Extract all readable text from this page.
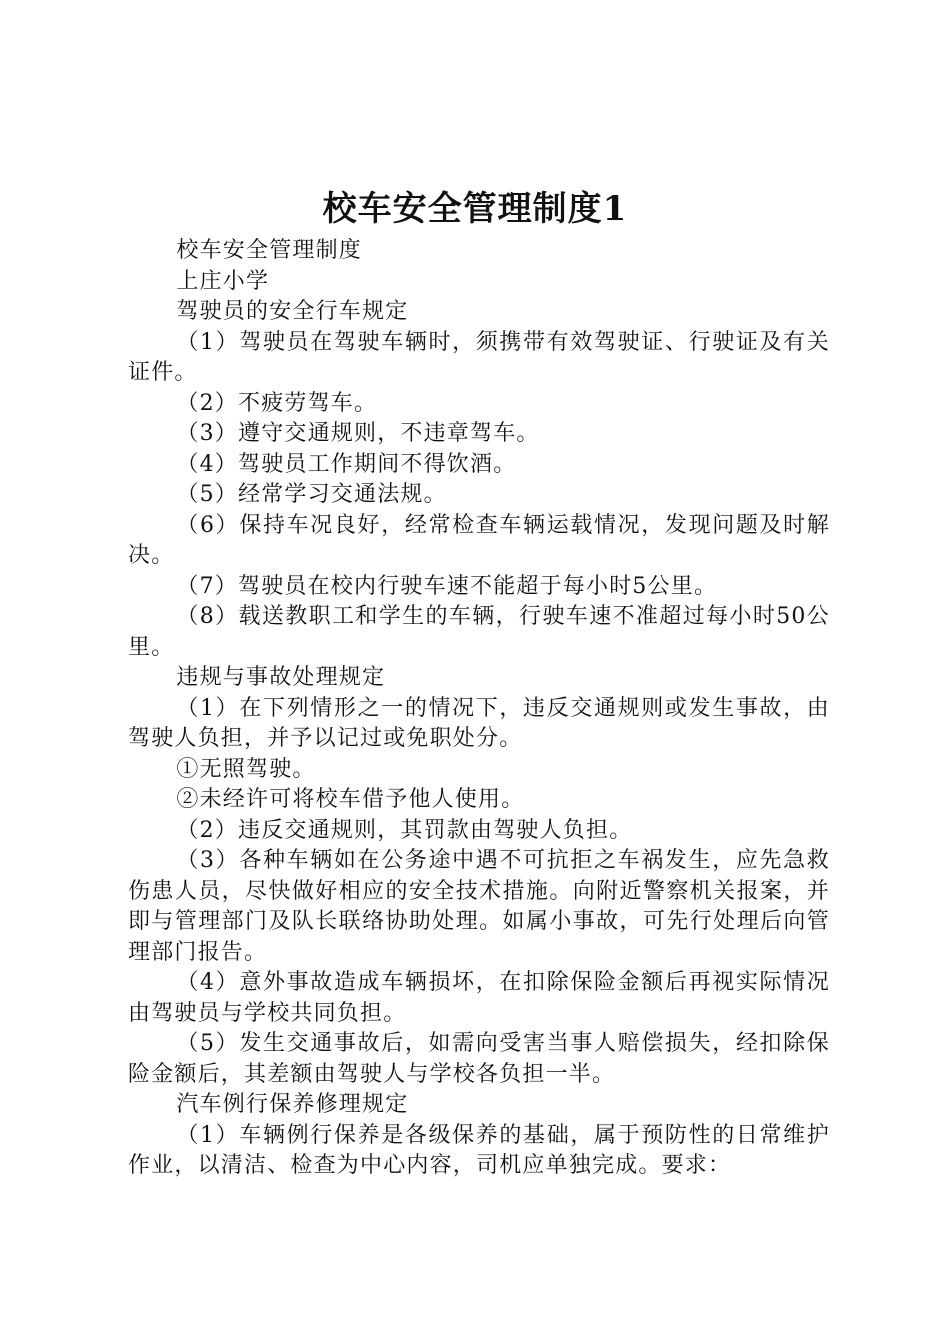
校车安全管理制度1

校车安全管理制度

上庄小学

驾驶员的安全行车规定

（1）驾驶员在驾驶车辆时，须携带有效驾驶证、行驶证及有关证件。

（2）不疲劳驾车。

（3）遵守交通规则，不违章驾车。

（4）驾驶员工作期间不得饮酒。

（5）经常学习交通法规。

（6）保持车况良好，经常检查车辆运载情况，发现问题及时解决。

（7）驾驶员在校内行驶车速不能超于每小时5公里。

（8）载送教职工和学生的车辆，行驶车速不准超过每小时50公里。

违规与事故处理规定

（1）在下列情形之一的情况下，违反交通规则或发生事故，由驾驶人负担，并予以记过或免职处分。

①无照驾驶。

②未经许可将校车借予他人使用。

（2）违反交通规则，其罚款由驾驶人负担。

（3）各种车辆如在公务途中遇不可抗拒之车祸发生，应先急救伤患人员，尽快做好相应的安全技术措施。向附近警察机关报案，并即与管理部门及队长联络协助处理。如属小事故，可先行处理后向管理部门报告。

（4）意外事故造成车辆损坏，在扣除保险金额后再视实际情况由驾驶员与学校共同负担。

（5）发生交通事故后，如需向受害当事人赔偿损失，经扣除保险金额后，其差额由驾驶人与学校各负担一半。

汽车例行保养修理规定

（1）车辆例行保养是各级保养的基础，属于预防性的日常维护作业，以清洁、检查为中心内容，司机应单独完成。要求：
